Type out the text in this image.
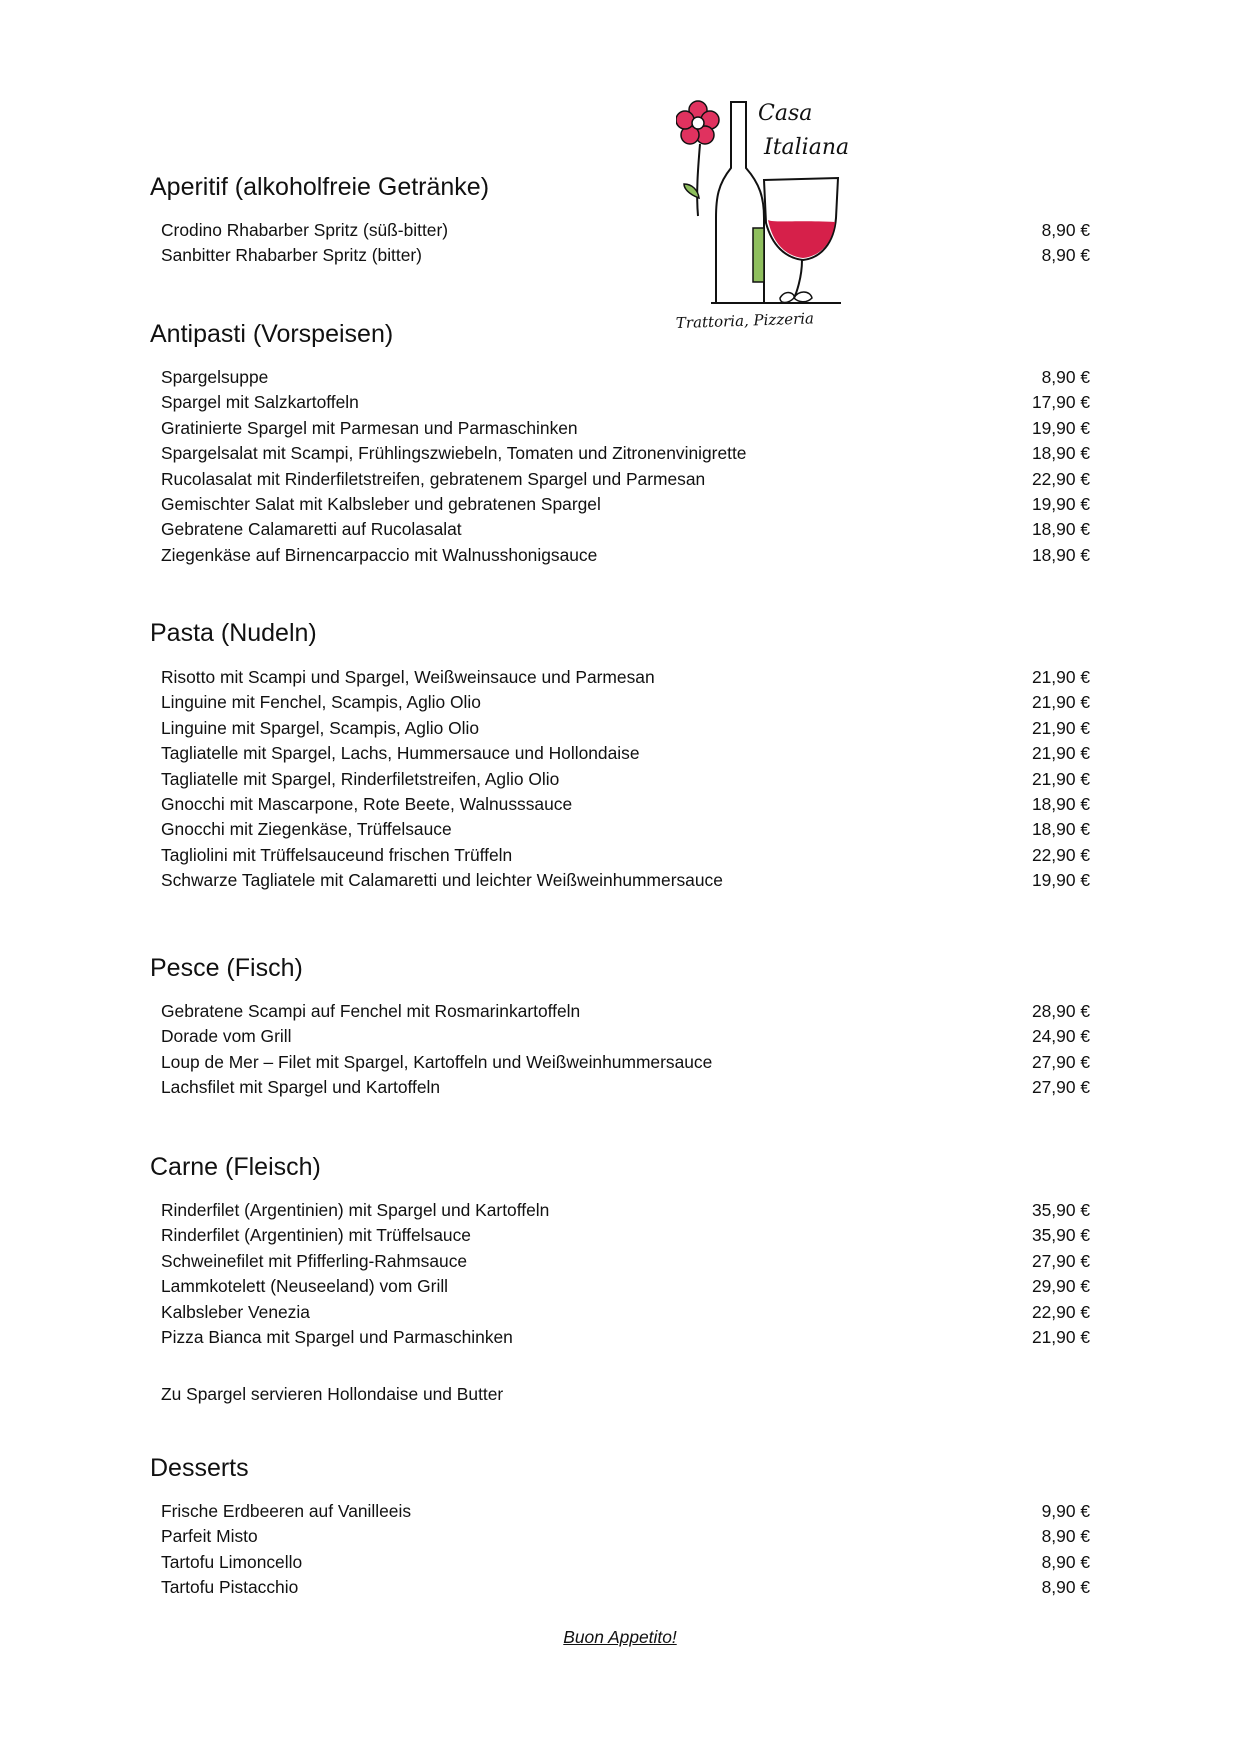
Casa
Italiana
Trattoria, Pizzeria
Aperitif (alkoholfreie Getränke)
Crodino Rhabarber Spritz (süß-bitter)	8,90 €
Sanbitter Rhabarber Spritz (bitter)	8,90 €
Antipasti (Vorspeisen)
Spargelsuppe	8,90 €
Spargel mit Salzkartoffeln	17,90 €
Gratinierte Spargel mit Parmesan und Parmaschinken	19,90 €
Spargelsalat mit Scampi, Frühlingszwiebeln, Tomaten und Zitronenvinigrette	18,90 €
Rucolasalat mit Rinderfiletstreifen, gebratenem Spargel und Parmesan	22,90 €
Gemischter Salat mit Kalbsleber und gebratenen Spargel	19,90 €
Gebratene Calamaretti auf Rucolasalat	18,90 €
Ziegenkäse auf Birnencarpaccio mit Walnusshonigsauce	18,90 €
Pasta (Nudeln)
Risotto mit Scampi und Spargel, Weißweinsauce und Parmesan	21,90 €
Linguine mit Fenchel, Scampis, Aglio Olio	21,90 €
Linguine mit Spargel, Scampis, Aglio Olio	21,90 €
Tagliatelle mit Spargel, Lachs, Hummersauce und Hollondaise	21,90 €
Tagliatelle mit Spargel, Rinderfiletstreifen, Aglio Olio	21,90 €
Gnocchi mit Mascarpone, Rote Beete, Walnusssauce	18,90 €
Gnocchi mit Ziegenkäse, Trüffelsauce	18,90 €
Tagliolini mit Trüffelsauceund frischen Trüffeln	22,90 €
Schwarze Tagliatele mit Calamaretti und leichter Weißweinhummersauce	19,90 €
Pesce (Fisch)
Gebratene Scampi auf Fenchel mit Rosmarinkartoffeln	28,90 €
Dorade vom Grill	24,90 €
Loup de Mer – Filet mit Spargel, Kartoffeln und Weißweinhummersauce	27,90 €
Lachsfilet mit Spargel und Kartoffeln	27,90 €
Carne (Fleisch)
Rinderfilet (Argentinien) mit Spargel und Kartoffeln	35,90 €
Rinderfilet (Argentinien) mit Trüffelsauce	35,90 €
Schweinefilet mit Pfifferling-Rahmsauce	27,90 €
Lammkotelett (Neuseeland) vom Grill	29,90 €
Kalbsleber Venezia	22,90 €
Pizza Bianca mit Spargel und Parmaschinken	21,90 €
Zu Spargel servieren Hollondaise und Butter
Desserts
Frische Erdbeeren auf Vanilleeis	9,90 €
Parfeit Misto	8,90 €
Tartofu Limoncello	8,90 €
Tartofu Pistacchio	8,90 €
Buon Appetito!
